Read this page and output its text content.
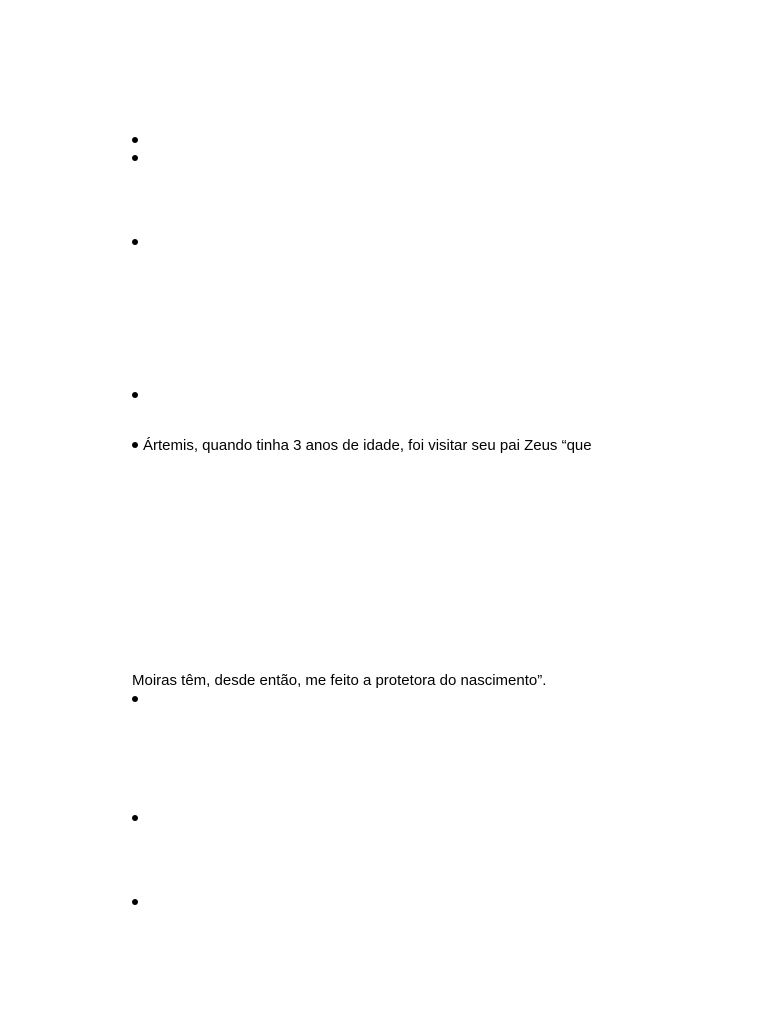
Ártemis, quando tinha 3 anos de idade, foi visitar seu pai Zeus “que
Moiras têm, desde então, me feito a protetora do nascimento”.
